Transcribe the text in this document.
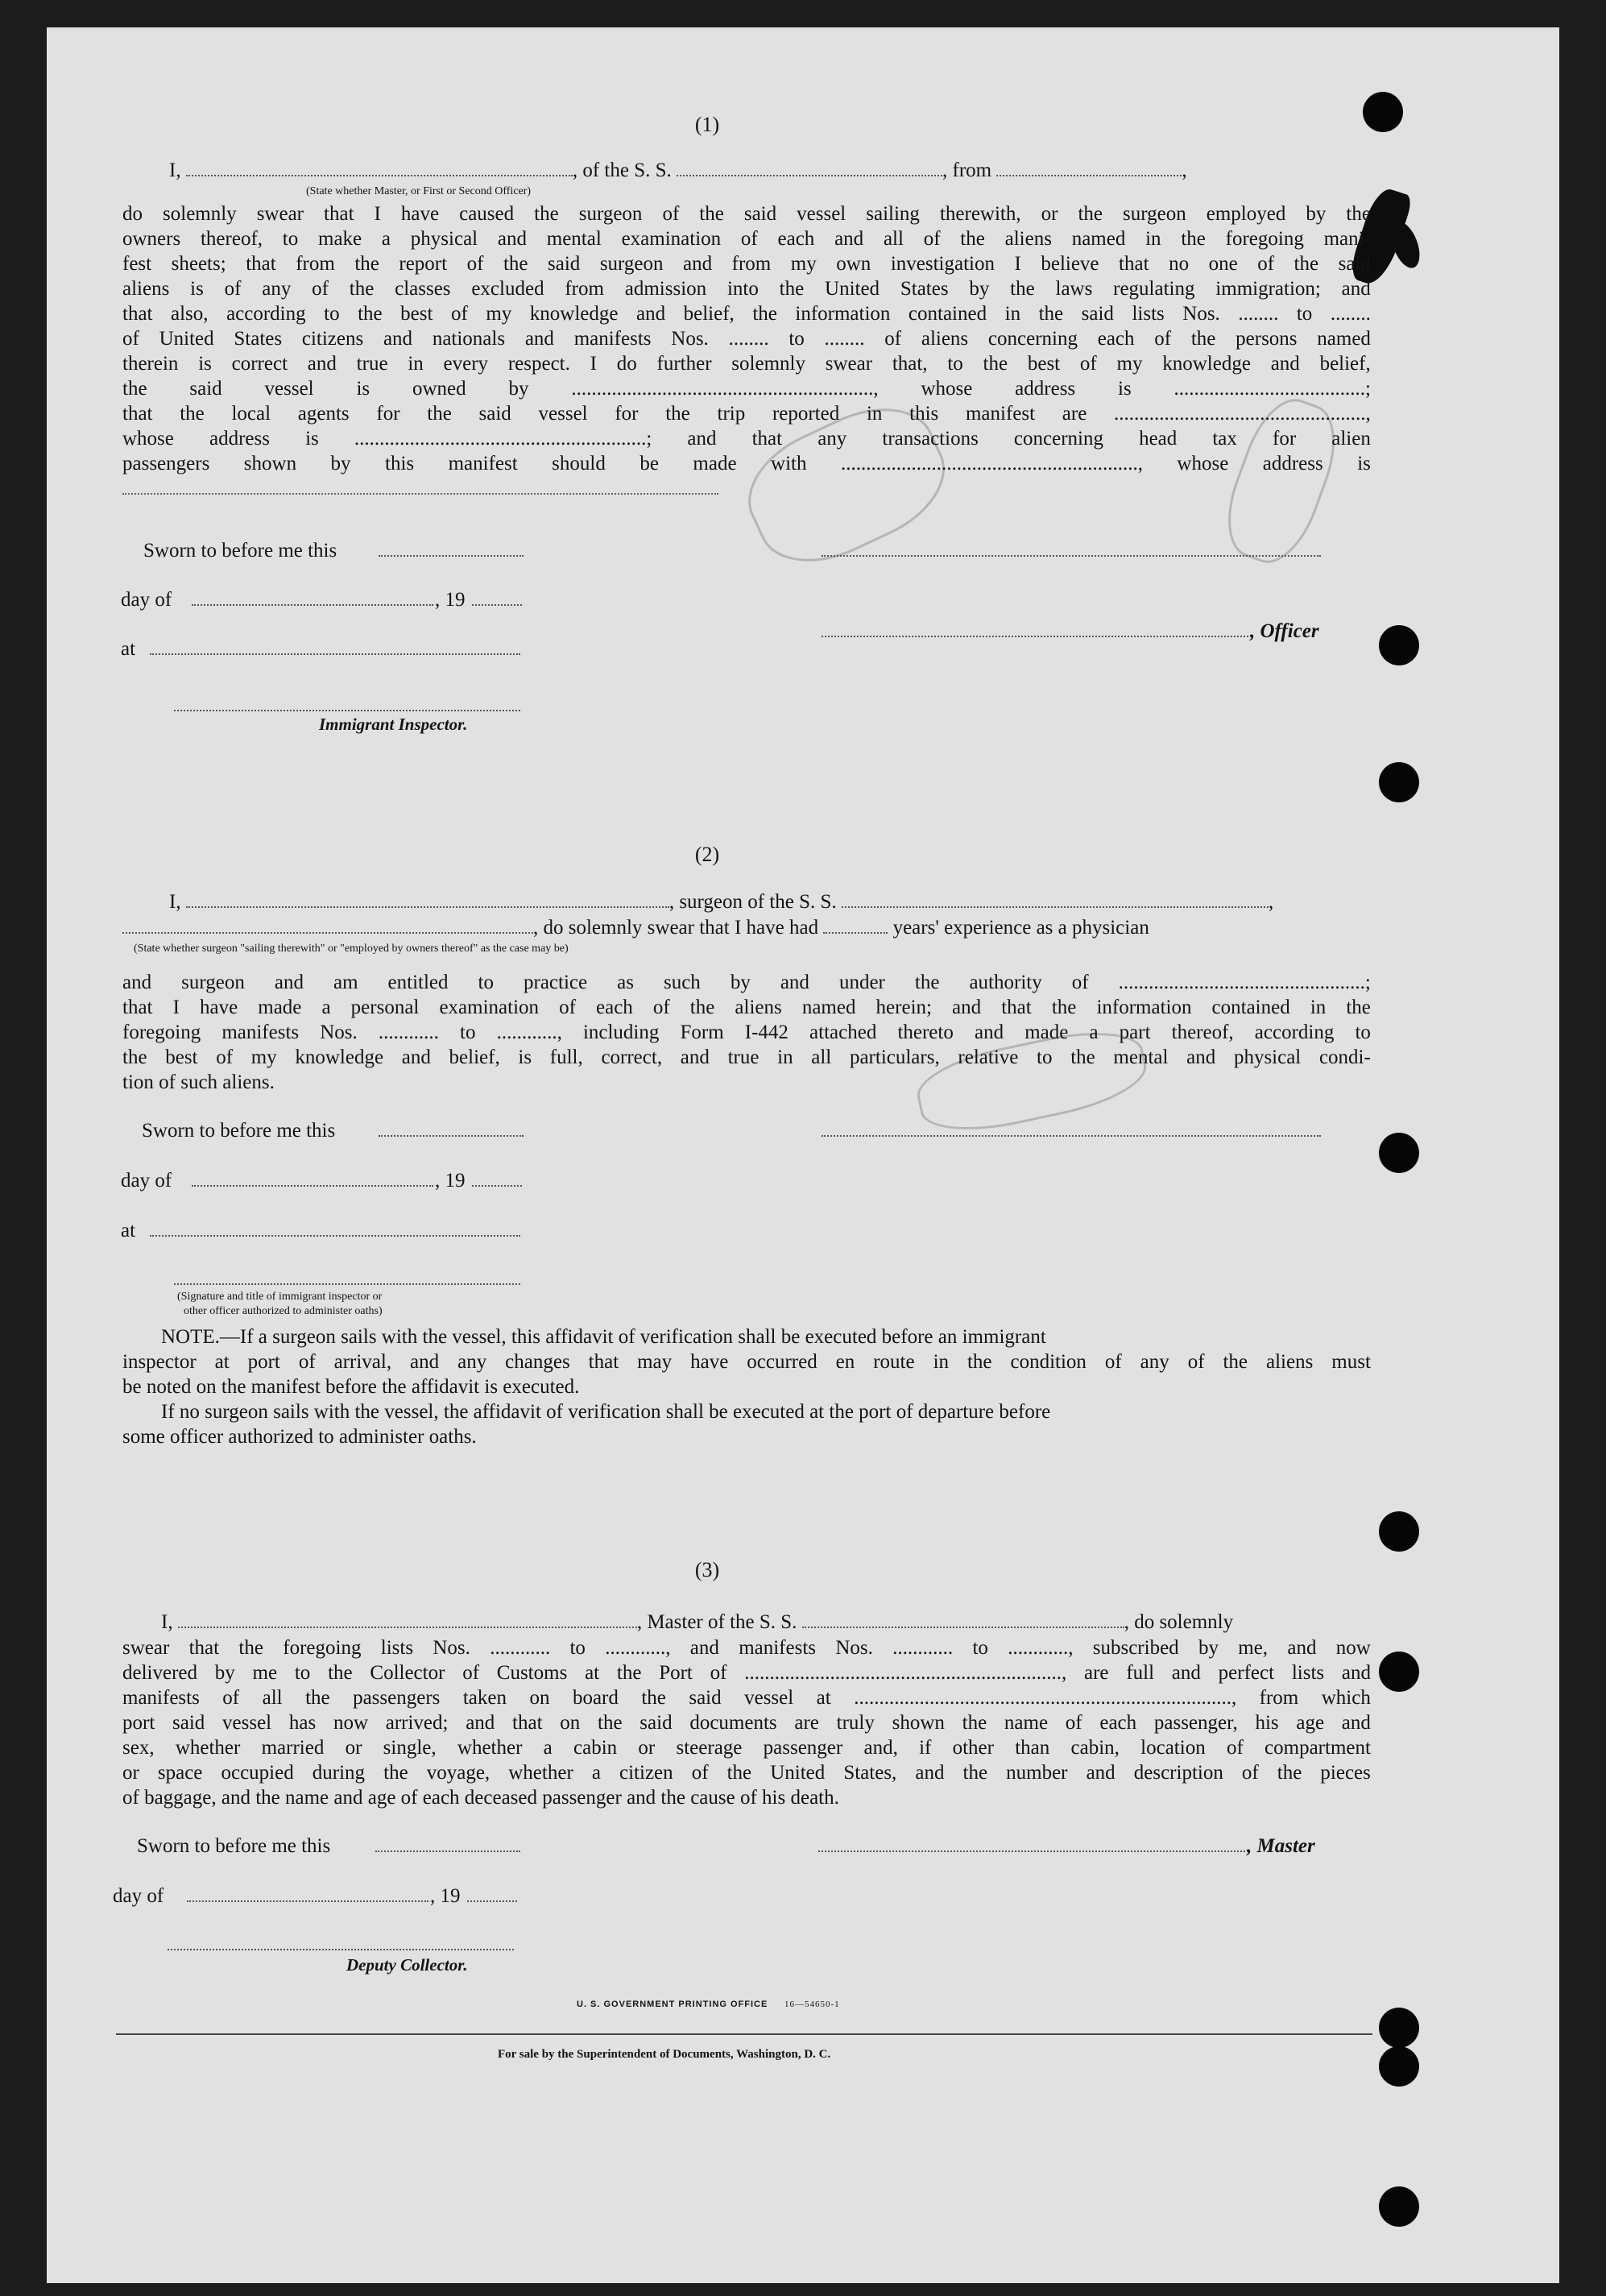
(1)
I,	, of the S. S.	, from	,
(State whether Master, or First or Second Officer)
do solemnly swear that I have caused the surgeon of the said vessel sailing therewith, or the surgeon employed by the
owners thereof, to make a physical and mental examination of each and all of the aliens named in the foregoing mani-
fest sheets; that from the report of the said surgeon and from my own investigation I believe that no one of the said
aliens is of any of the classes excluded from admission into the United States by the laws regulating immigration; and
that also, according to the best of my knowledge and belief, the information contained in the said lists Nos. ........ to ........
of United States citizens and nationals and manifests Nos. ........ to ........ of aliens concerning each of the persons named
therein is correct and true in every respect. I do further solemnly swear that, to the best of my knowledge and belief,
the said vessel is owned by ............................................................, whose address is ......................................;
that the local agents for the said vessel for the trip reported in this manifest are ..................................................,
whose address is ..........................................................; and that any transactions concerning head tax for alien
passengers shown by this manifest should be made with ..........................................................., whose address is
Sworn to before me this
day of	, 19
, Officer
at
Immigrant Inspector.
(2)
I,	, surgeon of the S. S.	,
, do solemnly swear that I have had	years' experience as a physician
(State whether surgeon "sailing therewith" or "employed by owners thereof" as the case may be)
and surgeon and am entitled to practice as such by and under the authority of .................................................;
that I have made a personal examination of each of the aliens named herein; and that the information contained in the
foregoing manifests Nos. ............ to ............, including Form I-442 attached thereto and made a part thereof, according to
the best of my knowledge and belief, is full, correct, and true in all particulars, relative to the mental and physical condi-
tion of such aliens.
Sworn to before me this
day of	, 19
at
(Signature and title of immigrant inspector or
other officer authorized to administer oaths)
NOTE.—If a surgeon sails with the vessel, this affidavit of verification shall be executed before an immigrant
inspector at port of arrival, and any changes that may have occurred en route in the condition of any of the aliens must
be noted on the manifest before the affidavit is executed.
If no surgeon sails with the vessel, the affidavit of verification shall be executed at the port of departure before
some officer authorized to administer oaths.
(3)
I,	, Master of the S. S.	, do solemnly
swear that the foregoing lists Nos. ............ to ............, and manifests Nos. ............ to ............, subscribed by me, and now
delivered by me to the Collector of Customs at the Port of ..............................................................., are full and perfect lists and
manifests of all the passengers taken on board the said vessel at ..........................................................................., from which
port said vessel has now arrived; and that on the said documents are truly shown the name of each passenger, his age and
sex, whether married or single, whether a cabin or steerage passenger and, if other than cabin, location of compartment
or space occupied during the voyage, whether a citizen of the United States, and the number and description of the pieces
of baggage, and the name and age of each deceased passenger and the cause of his death.
Sworn to before me this	, Master
day of	, 19
Deputy Collector.
U. S. GOVERNMENT PRINTING OFFICE 16—54650-1
For sale by the Superintendent of Documents, Washington, D. C.
